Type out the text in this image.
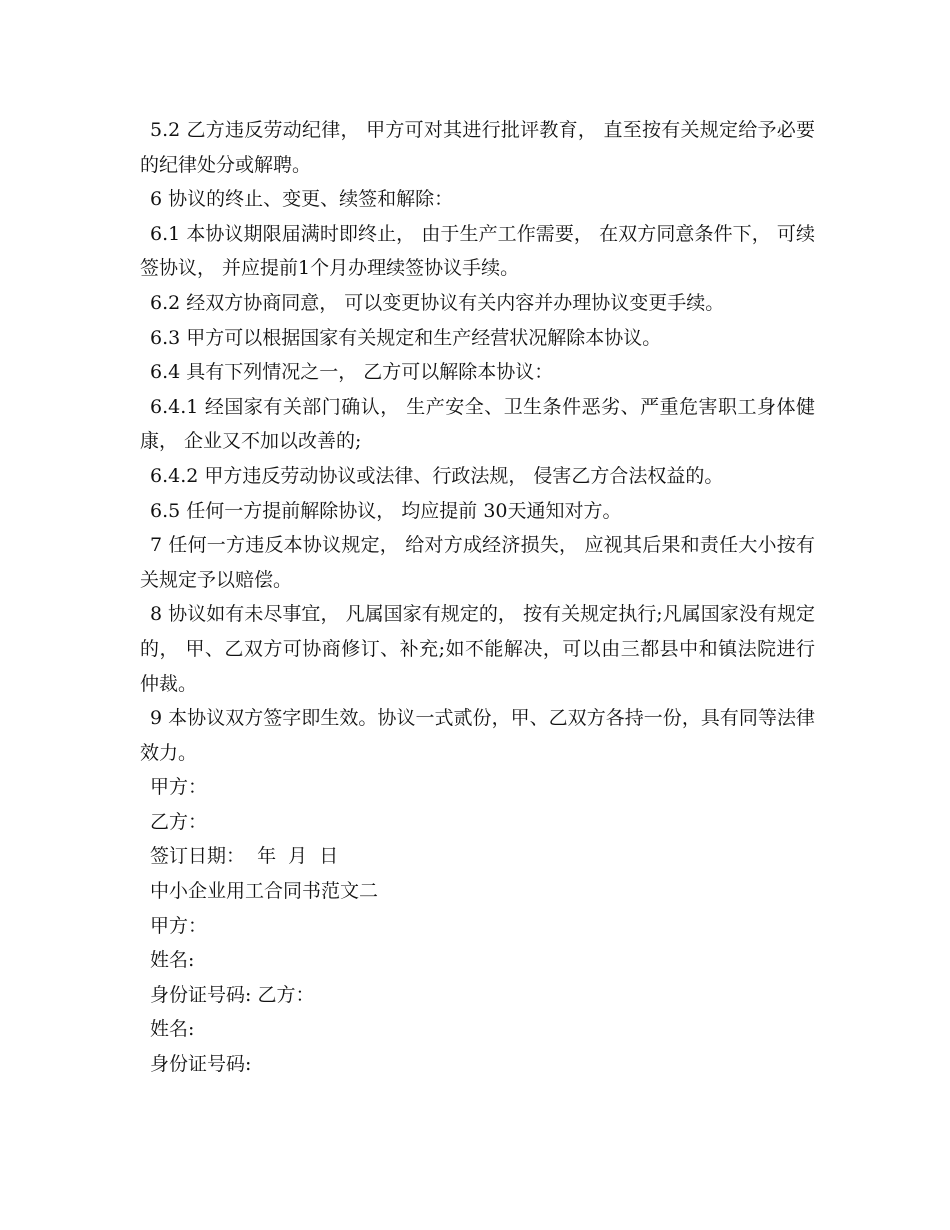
5.2 乙方违反劳动纪律， 甲方可对其进行批评教育， 直至按有关规定给予必要的纪律处分或解聘。

6 协议的终止、变更、续签和解除：

6.1 本协议期限届满时即终止， 由于生产工作需要， 在双方同意条件下， 可续签协议， 并应提前1个月办理续签协议手续。

6.2 经双方协商同意， 可以变更协议有关内容并办理协议变更手续。

6.3 甲方可以根据国家有关规定和生产经营状况解除本协议。

6.4 具有下列情况之一， 乙方可以解除本协议：

6.4.1 经国家有关部门确认， 生产安全、卫生条件恶劣、严重危害职工身体健康， 企业又不加以改善的;

6.4.2 甲方违反劳动协议或法律、行政法规， 侵害乙方合法权益的。

6.5 任何一方提前解除协议， 均应提前 30天通知对方。

7 任何一方违反本协议规定， 给对方成经济损失， 应视其后果和责任大小按有关规定予以赔偿。

8 协议如有未尽事宜， 凡属国家有规定的， 按有关规定执行;凡属国家没有规定的， 甲、乙双方可协商修订、补充;如不能解决，可以由三都县中和镇法院进行仲裁。

9 本协议双方签字即生效。协议一式贰份，甲、乙双方各持一份，具有同等法律效力。

甲方：

乙方：

签订日期：  年  月  日

中小企业用工合同书范文二

甲方：

姓名:

身份证号码: 乙方：

姓名:

身份证号码:
